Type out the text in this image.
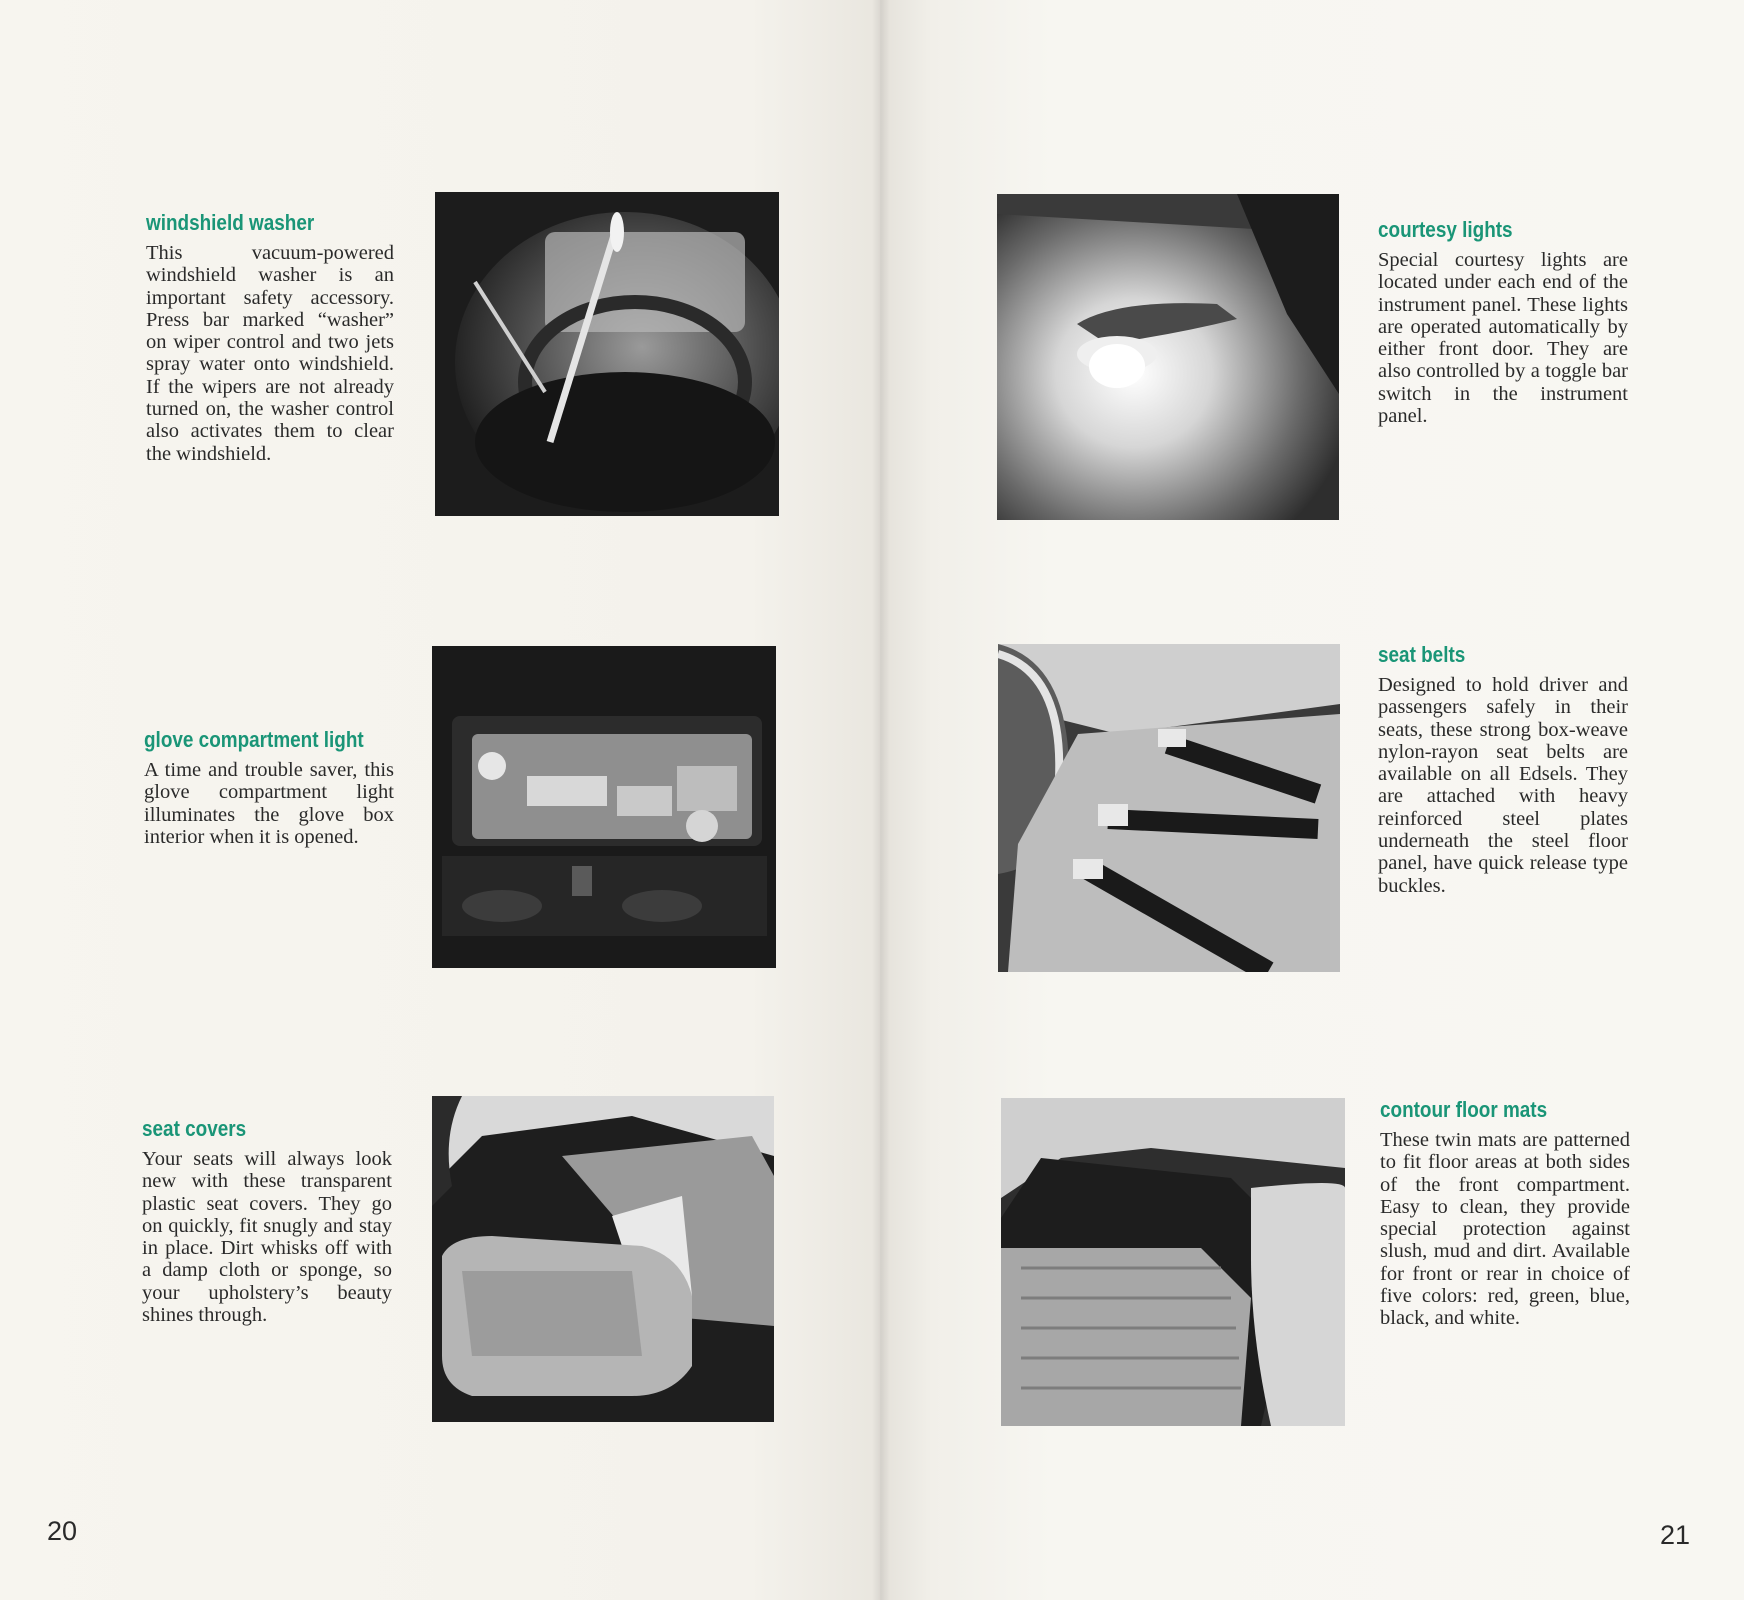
windshield washer

This vacuum-powered windshield washer is an important safety accessory. Press bar marked “washer” on wiper control and two jets spray water onto windshield. If the wipers are not already turned on, the washer control also activates them to clear the windshield.

glove compartment light

A time and trouble saver, this glove compartment light illuminates the glove box interior when it is opened.

seat covers

Your seats will always look new with these transparent plastic seat covers. They go on quickly, fit snugly and stay in place. Dirt whisks off with a damp cloth or sponge, so your upholstery’s beauty shines through.

courtesy lights

Special courtesy lights are located under each end of the instrument panel. These lights are operated automatically by either front door. They are also controlled by a toggle bar switch in the instrument panel.

seat belts

Designed to hold driver and passengers safely in their seats, these strong box-weave nylon-rayon seat belts are available on all Edsels. They are attached with heavy reinforced steel plates underneath the steel floor panel, have quick release type buckles.

contour floor mats

These twin mats are patterned to fit floor areas at both sides of the front compartment. Easy to clean, they provide special protection against slush, mud and dirt. Available for front or rear in choice of five colors: red, green, blue, black, and white.

20	21
